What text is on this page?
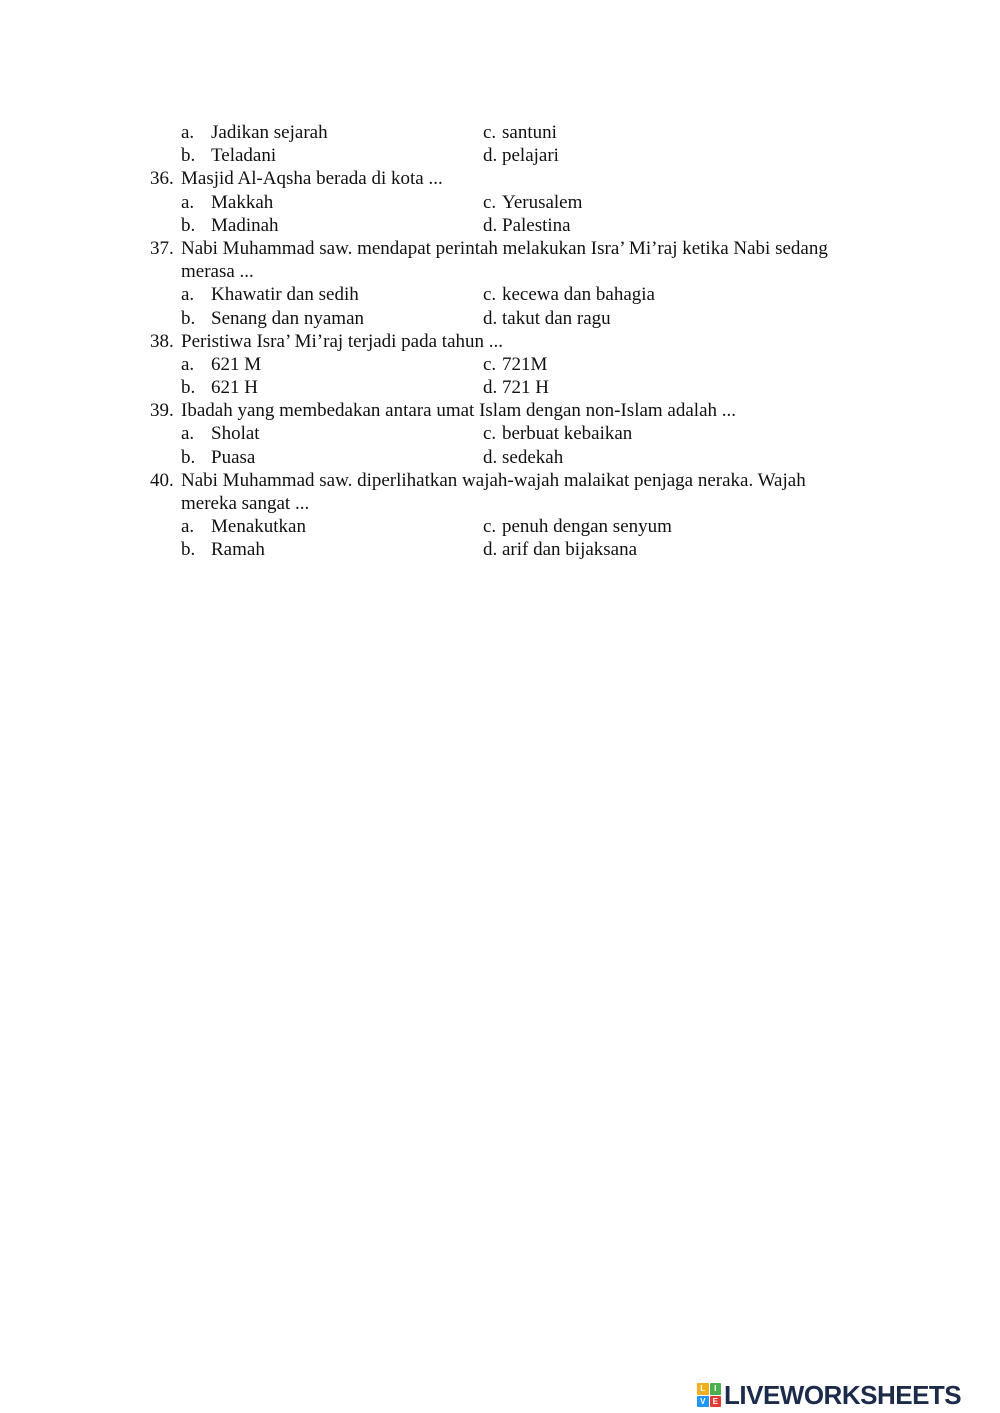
a. Jadikan sejarah	c. santuni
b. Teladani	d. pelajari
36. Masjid Al-Aqsha berada di kota ...
a. Makkah	c. Yerusalem
b. Madinah	d. Palestina
37. Nabi Muhammad saw. mendapat perintah melakukan Isra’ Mi’raj ketika Nabi sedang
merasa ...
a. Khawatir dan sedih	c. kecewa dan bahagia
b. Senang dan nyaman	d. takut dan ragu
38. Peristiwa Isra’ Mi’raj terjadi pada tahun ...
a. 621 M	c. 721M
b. 621 H	d. 721 H
39. Ibadah yang membedakan antara umat Islam dengan non-Islam adalah ...
a. Sholat	c. berbuat kebaikan
b. Puasa	d. sedekah
40. Nabi Muhammad saw. diperlihatkan wajah-wajah malaikat penjaga neraka. Wajah
mereka sangat ...
a. Menakutkan	c. penuh dengan senyum
b. Ramah	d. arif dan bijaksana
L	I
V E LIVEWORKSHEETS
